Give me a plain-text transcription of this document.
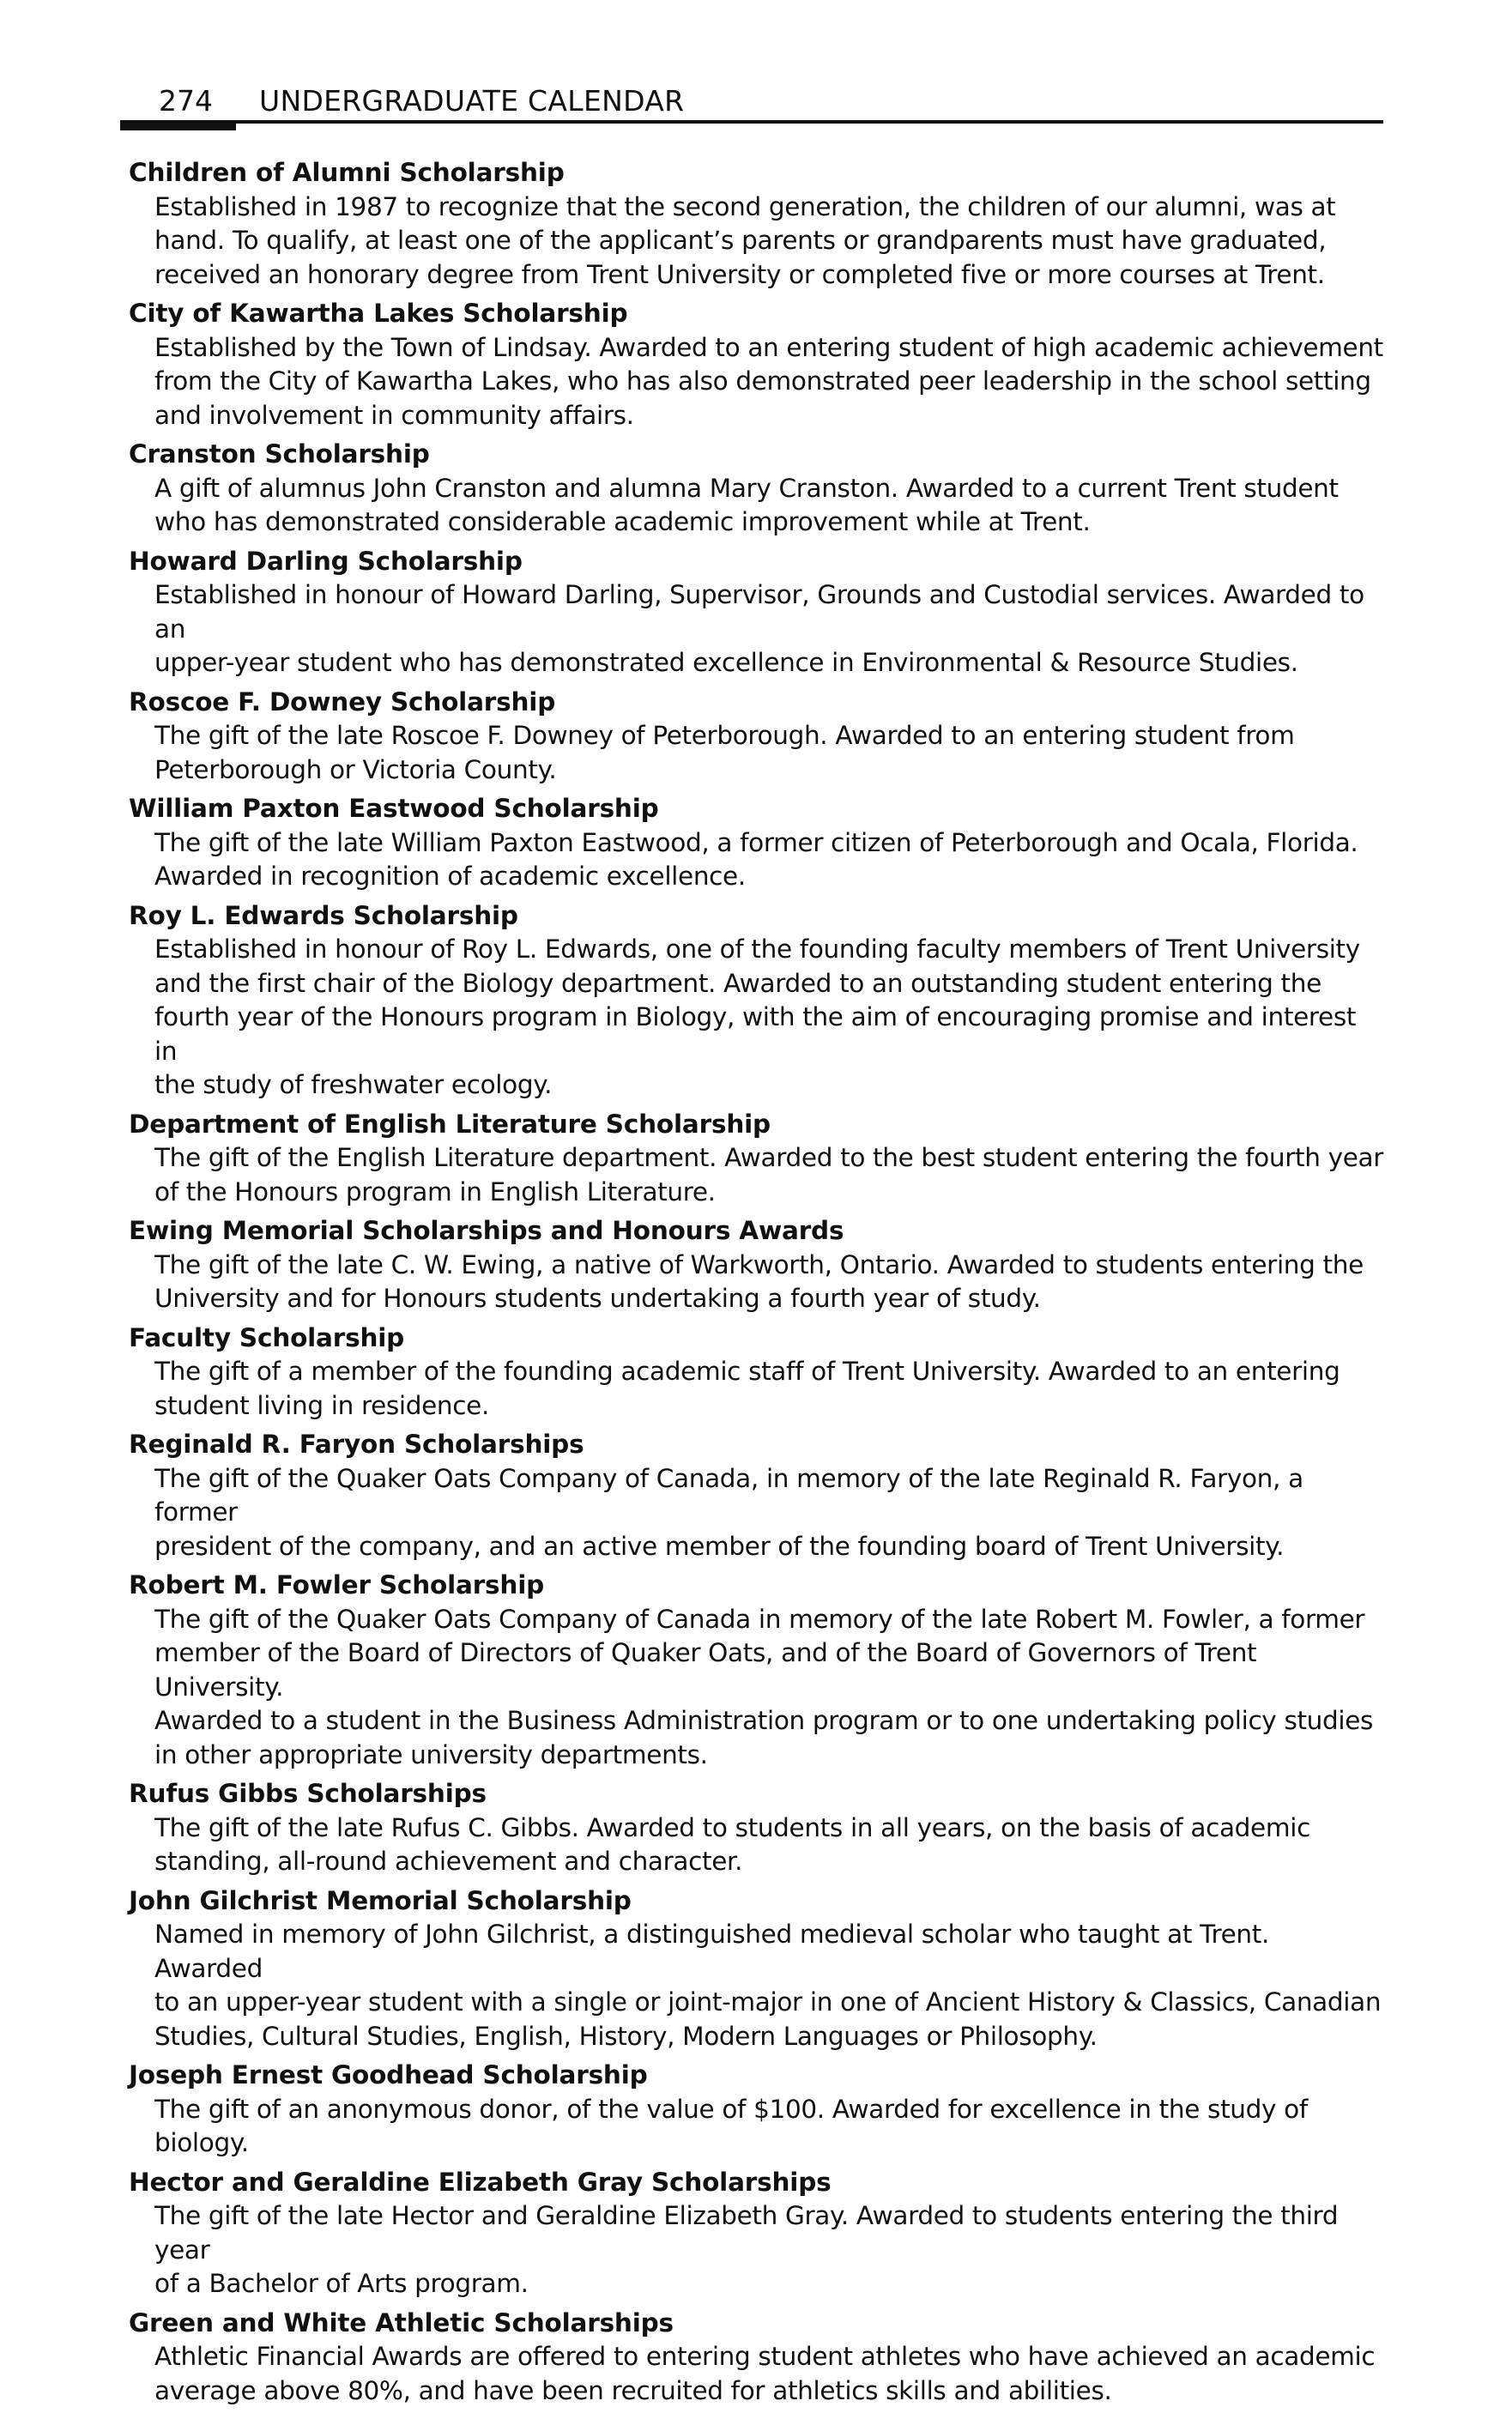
274 UNDERGRADUATE CALENDAR
Children of Alumni Scholarship
Established in 1987 to recognize that the second generation, the children of our alumni, was at
hand. To qualify, at least one of the applicant’s parents or grandparents must have graduated,
received an honorary degree from Trent University or completed five or more courses at Trent.
City of Kawartha Lakes Scholarship
Established by the Town of Lindsay. Awarded to an entering student of high academic achievement
from the City of Kawartha Lakes, who has also demonstrated peer leadership in the school setting
and involvement in community affairs.
Cranston Scholarship
A gift of alumnus John Cranston and alumna Mary Cranston. Awarded to a current Trent student
who has demonstrated considerable academic improvement while at Trent.
Howard Darling Scholarship
Established in honour of Howard Darling, Supervisor, Grounds and Custodial services. Awarded to an
upper-year student who has demonstrated excellence in Environmental & Resource Studies.
Roscoe F. Downey Scholarship
The gift of the late Roscoe F. Downey of Peterborough. Awarded to an entering student from
Peterborough or Victoria County.
William Paxton Eastwood Scholarship
The gift of the late William Paxton Eastwood, a former citizen of Peterborough and Ocala, Florida.
Awarded in recognition of academic excellence.
Roy L. Edwards Scholarship
Established in honour of Roy L. Edwards, one of the founding faculty members of Trent University
and the first chair of the Biology department. Awarded to an outstanding student entering the
fourth year of the Honours program in Biology, with the aim of encouraging promise and interest in
the study of freshwater ecology.
Department of English Literature Scholarship
The gift of the English Literature department. Awarded to the best student entering the fourth year
of the Honours program in English Literature.
Ewing Memorial Scholarships and Honours Awards
The gift of the late C. W. Ewing, a native of Warkworth, Ontario. Awarded to students entering the
University and for Honours students undertaking a fourth year of study.
Faculty Scholarship
The gift of a member of the founding academic staff of Trent University. Awarded to an entering
student living in residence.
Reginald R. Faryon Scholarships
The gift of the Quaker Oats Company of Canada, in memory of the late Reginald R. Faryon, a former
president of the company, and an active member of the founding board of Trent University.
Robert M. Fowler Scholarship
The gift of the Quaker Oats Company of Canada in memory of the late Robert M. Fowler, a former
member of the Board of Directors of Quaker Oats, and of the Board of Governors of Trent University.
Awarded to a student in the Business Administration program or to one undertaking policy studies
in other appropriate university departments.
Rufus Gibbs Scholarships
The gift of the late Rufus C. Gibbs. Awarded to students in all years, on the basis of academic
standing, all-round achievement and character.
John Gilchrist Memorial Scholarship
Named in memory of John Gilchrist, a distinguished medieval scholar who taught at Trent. Awarded
to an upper-year student with a single or joint-major in one of Ancient History & Classics, Canadian
Studies, Cultural Studies, English, History, Modern Languages or Philosophy.
Joseph Ernest Goodhead Scholarship
The gift of an anonymous donor, of the value of $100. Awarded for excellence in the study of
biology.
Hector and Geraldine Elizabeth Gray Scholarships
The gift of the late Hector and Geraldine Elizabeth Gray. Awarded to students entering the third year
of a Bachelor of Arts program.
Green and White Athletic Scholarships
Athletic Financial Awards are offered to entering student athletes who have achieved an academic
average above 80%, and have been recruited for athletics skills and abilities.
